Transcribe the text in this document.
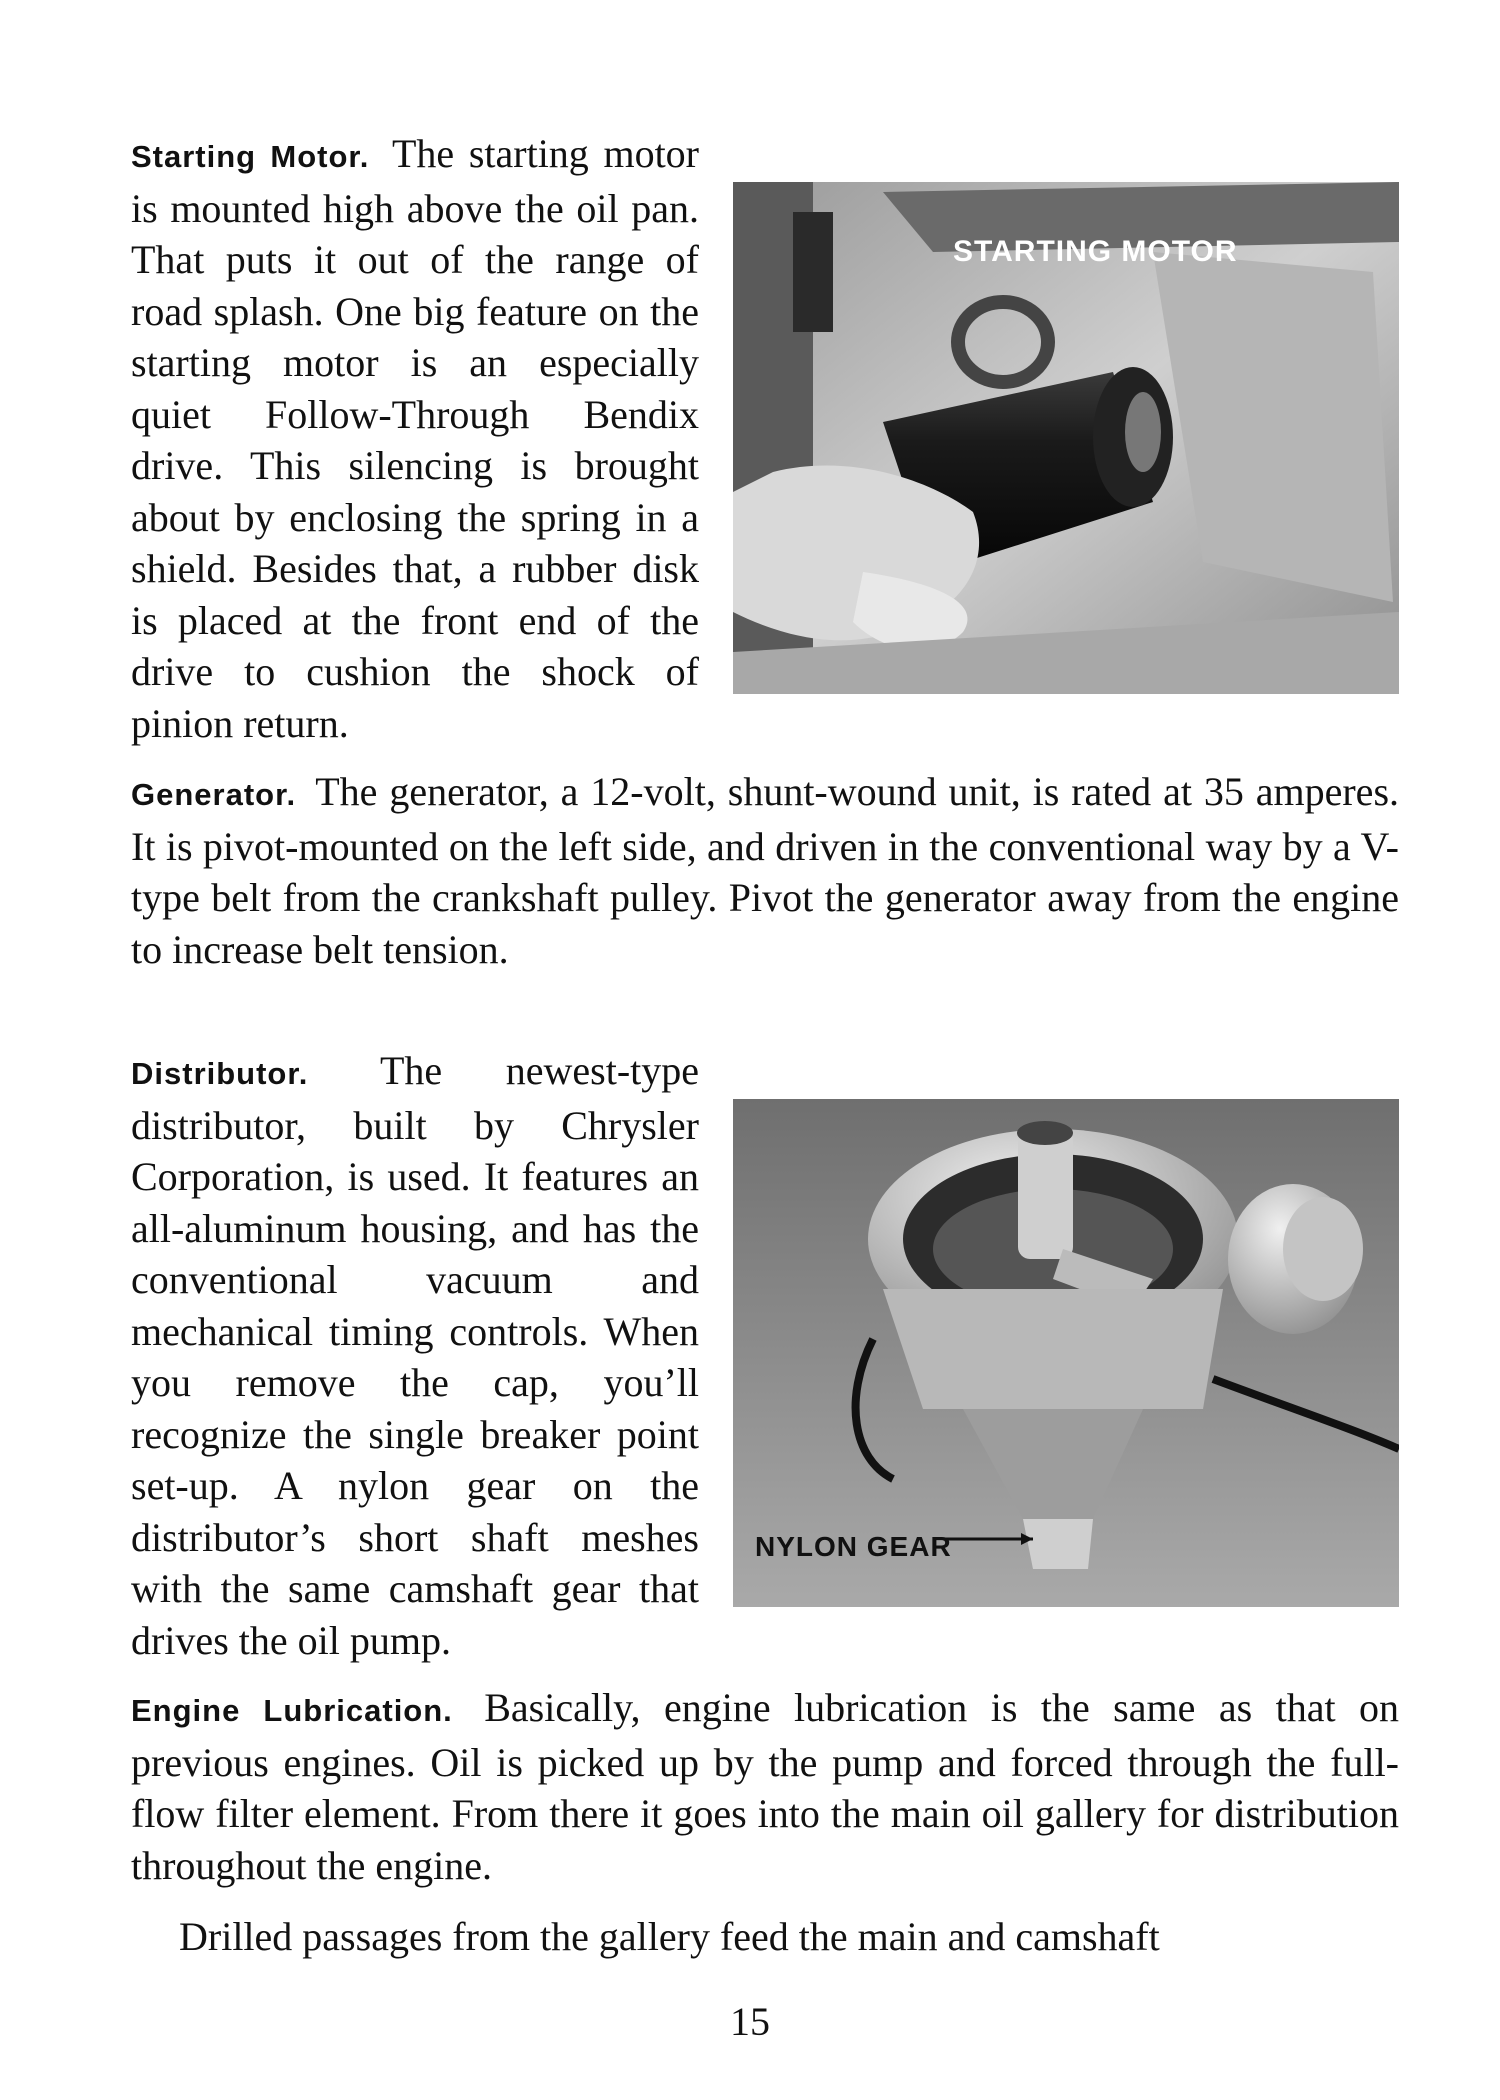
Starting Motor.
STARTING MOTOR
The starting motor is mounted high above the oil pan. That puts it out of the range of road splash. One big feature on the starting motor is an especially quiet Follow-Through Bendix drive. This silencing is brought about by enclosing the spring in a shield. Besides that, a rubber disk is placed at the front end of the drive to cushion the shock of pinion return.

Generator. The generator, a 12-volt, shunt-wound unit, is rated at 35 amperes. It is pivot-mounted on the left side, and driven in the conventional way by a V-type belt from the crankshaft pulley. Pivot the generator away from the engine to increase belt tension.

Distributor.
NYLON GEAR
The newest-type distributor, built by Chrysler Corporation, is used. It features an all-aluminum housing, and has the conventional vacuum and mechanical timing controls. When you remove the cap, you’ll recognize the single breaker point set-up. A nylon gear on the distributor’s short shaft meshes with the same camshaft gear that drives the oil pump.

Engine Lubrication. Basically, engine lubrication is the same as that on previous engines. Oil is picked up by the pump and forced through the full-flow filter element. From there it goes into the main oil gallery for distribution throughout the engine.

Drilled passages from the gallery feed the main and camshaft

15
